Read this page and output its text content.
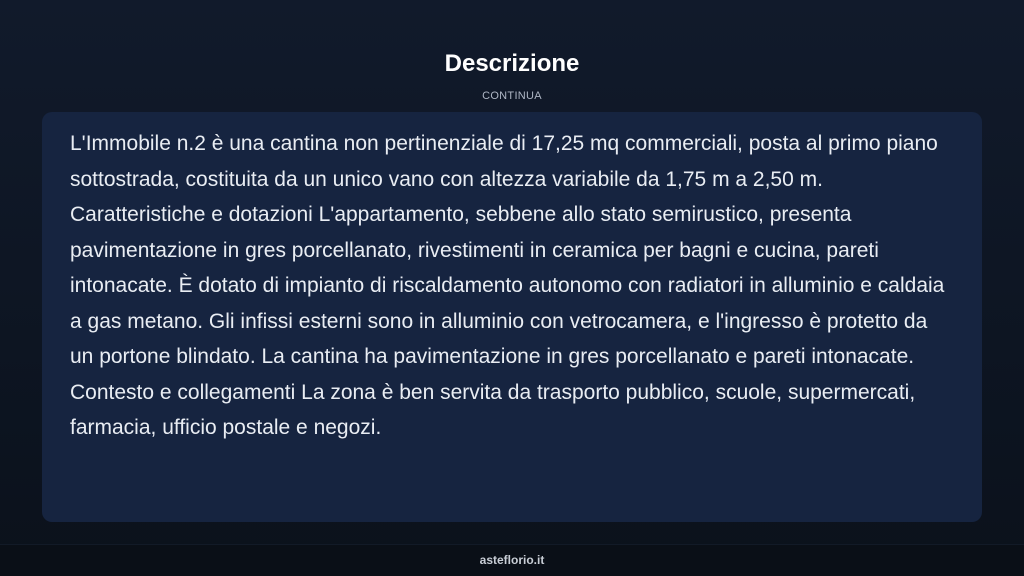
Descrizione
CONTINUA

L'Immobile n.2 è una cantina non pertinenziale di 17,25 mq commerciali, posta al primo piano sottostrada, costituita da un unico vano con altezza variabile da 1,75 m a 2,50 m. Caratteristiche e dotazioni L'appartamento, sebbene allo stato semirustico, presenta pavimentazione in gres porcellanato, rivestimenti in ceramica per bagni e cucina, pareti intonacate. È dotato di impianto di riscaldamento autonomo con radiatori in alluminio e caldaia a gas metano. Gli infissi esterni sono in alluminio con vetrocamera, e l'ingresso è protetto da un portone blindato. La cantina ha pavimentazione in gres porcellanato e pareti intonacate. Contesto e collegamenti La zona è ben servita da trasporto pubblico, scuole, supermercati, farmacia, ufficio postale e negozi.

asteflorio.it
